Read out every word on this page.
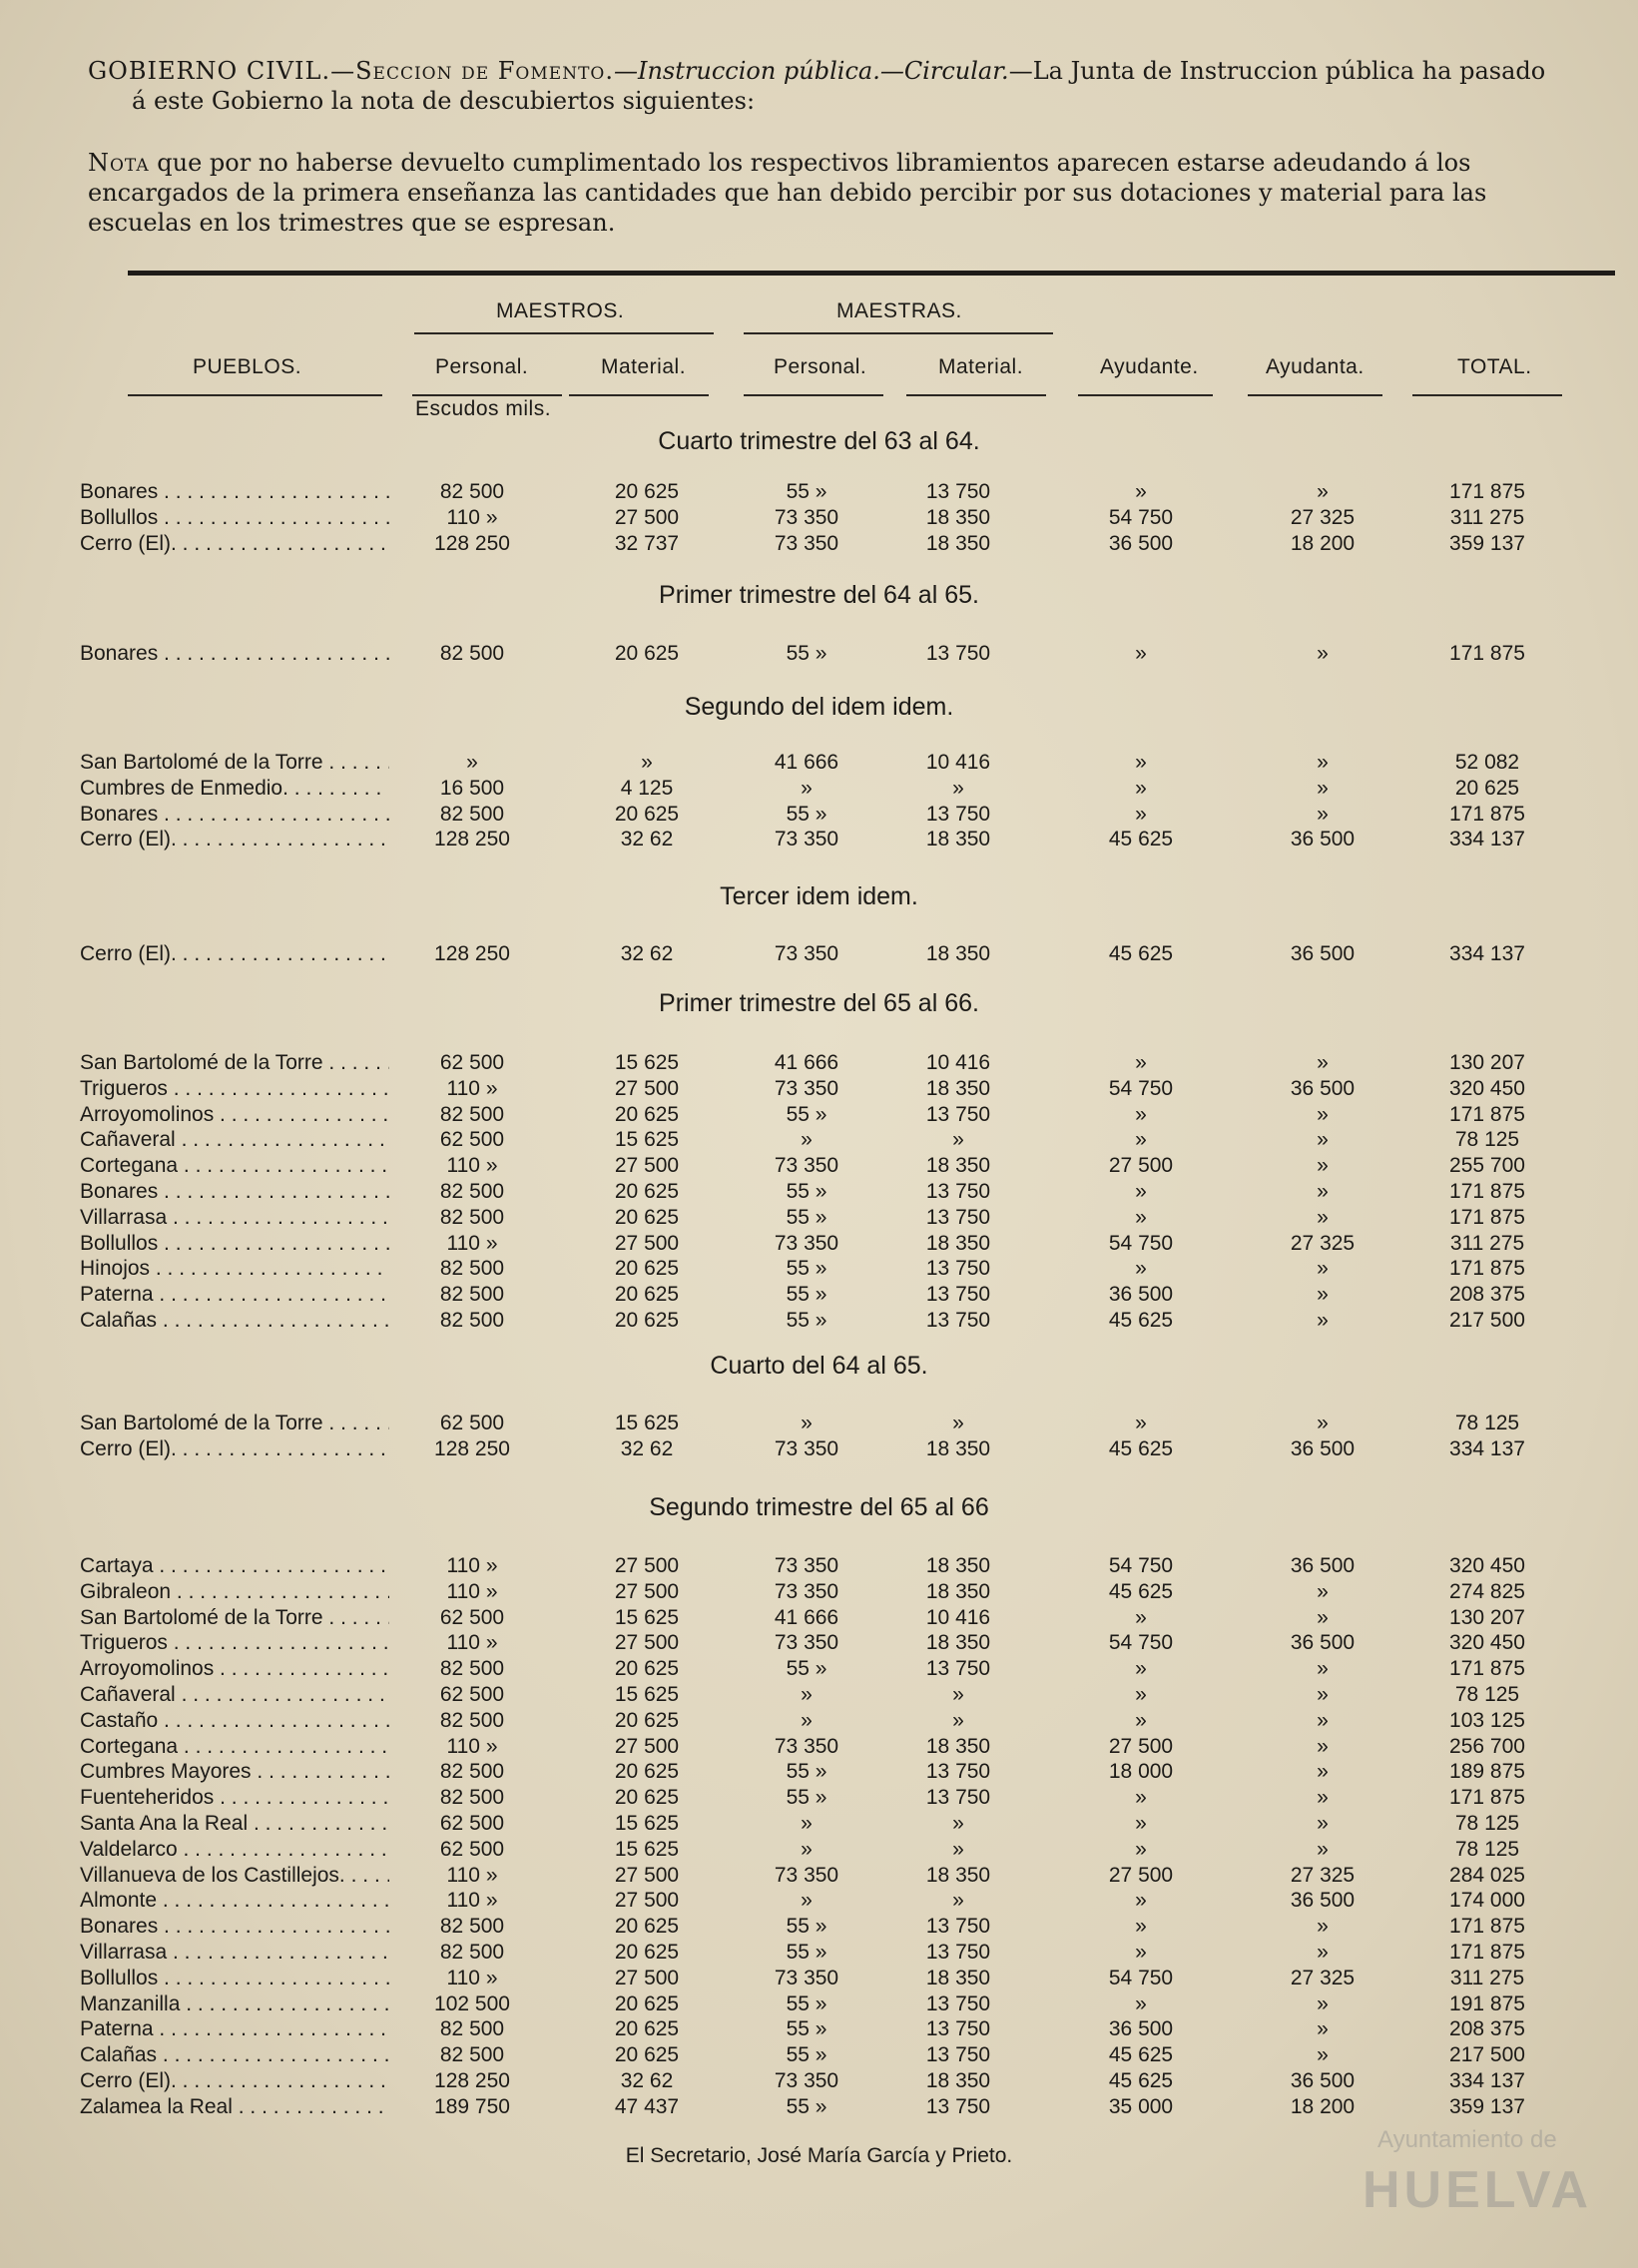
GOBIERNO CIVIL.—Seccion de Fomento.—Instruccion pública.—Circular.—La Junta de Instruccion pública ha pasado
á este Gobierno la nota de descubiertos siguientes:

Nota que por no haberse devuelto cumplimentado los respectivos libramientos aparecen estarse adeudando á los encargados de la primera enseñanza las cantidades que han debido percibir por sus dotaciones y material para las escuelas en los trimestres que se espresan.

MAESTROS.	MAESTRAS.
PUEBLOS.	Personal.	Material.	Personal.	Material.	Ayudante.	Ayudanta.	TOTAL.
Escudos mils.
Cuarto trimestre del 63 al 64.
Bonares . . .	82 500	20 625	55 »	13 750	»	»	171 875
Bollullos . . .	110 »	27 500	73 350	18 350	54 750	27 325	311 275
Cerro (El). . . .	128 250	32 737	73 350	18 350	36 500	18 200	359 137
Primer trimestre del 64 al 65.
Bonares . . .	82 500	20 625	55 »	13 750	»	»	171 875
Segundo del idem idem.
San Bartolomé de la Torre . . .	»	»	41 666	10 416	»	»	52 082
Cumbres de Enmedio. . . .	16 500	4 125	»	»	»	»	20 625
Bonares . . .	82 500	20 625	55 »	13 750	»	»	171 875
Cerro (El). . . .	128 250	32 62	73 350	18 350	45 625	36 500	334 137
Tercer idem idem.
Cerro (El). . . .	128 250	32 62	73 350	18 350	45 625	36 500	334 137
Primer trimestre del 65 al 66.
San Bartolomé de la Torre . . .	62 500	15 625	41 666	10 416	»	»	130 207
Trigueros . . .	110 »	27 500	73 350	18 350	54 750	36 500	320 450
Arroyomolinos . . .	82 500	20 625	55 »	13 750	»	»	171 875
Cañaveral . . .	62 500	15 625	»	»	»	»	78 125
Cortegana . . .	110 »	27 500	73 350	18 350	27 500	»	255 700
Bonares . . .	82 500	20 625	55 »	13 750	»	»	171 875
Villarrasa . . .	82 500	20 625	55 »	13 750	»	»	171 875
Bollullos . . .	110 »	27 500	73 350	18 350	54 750	27 325	311 275
Hinojos . . .	82 500	20 625	55 »	13 750	»	»	171 875
Paterna . . .	82 500	20 625	55 »	13 750	36 500	»	208 375
Calañas . . .	82 500	20 625	55 »	13 750	45 625	»	217 500
Cuarto del 64 al 65.
San Bartolomé de la Torre . . .	62 500	15 625	»	»	»	»	78 125
Cerro (El). . . .	128 250	32 62	73 350	18 350	45 625	36 500	334 137
Segundo trimestre del 65 al 66
Cartaya . . .	110 »	27 500	73 350	18 350	54 750	36 500	320 450
Gibraleon . . .	110 »	27 500	73 350	18 350	45 625	»	274 825
San Bartolomé de la Torre . . .	62 500	15 625	41 666	10 416	»	»	130 207
Trigueros . . .	110 »	27 500	73 350	18 350	54 750	36 500	320 450
Arroyomolinos . . .	82 500	20 625	55 »	13 750	»	»	171 875
Cañaveral . . .	62 500	15 625	»	»	»	»	78 125
Castaño . . .	82 500	20 625	»	»	»	»	103 125
Cortegana . . .	110 »	27 500	73 350	18 350	27 500	»	256 700
Cumbres Mayores . . .	82 500	20 625	55 »	13 750	18 000	»	189 875
Fuenteheridos . . .	82 500	20 625	55 »	13 750	»	»	171 875
Santa Ana la Real . . .	62 500	15 625	»	»	»	»	78 125
Valdelarco . . .	62 500	15 625	»	»	»	»	78 125
Villanueva de los Castillejos. . . .	110 »	27 500	73 350	18 350	27 500	27 325	284 025
Almonte . . .	110 »	27 500	»	»	»	36 500	174 000
Bonares . . .	82 500	20 625	55 »	13 750	»	»	171 875
Villarrasa . . .	82 500	20 625	55 »	13 750	»	»	171 875
Bollullos . . .	110 »	27 500	73 350	18 350	54 750	27 325	311 275
Manzanilla . . .	102 500	20 625	55 »	13 750	»	»	191 875
Paterna . . .	82 500	20 625	55 »	13 750	36 500	»	208 375
Calañas . . .	82 500	20 625	55 »	13 750	45 625	»	217 500
Cerro (El). . . .	128 250	32 62	73 350	18 350	45 625	36 500	334 137
Zalamea la Real . . .	189 750	47 437	55 »	13 750	35 000	18 200	359 137
El Secretario, José María García y Prieto.
Ayuntamiento de
HUELVA
